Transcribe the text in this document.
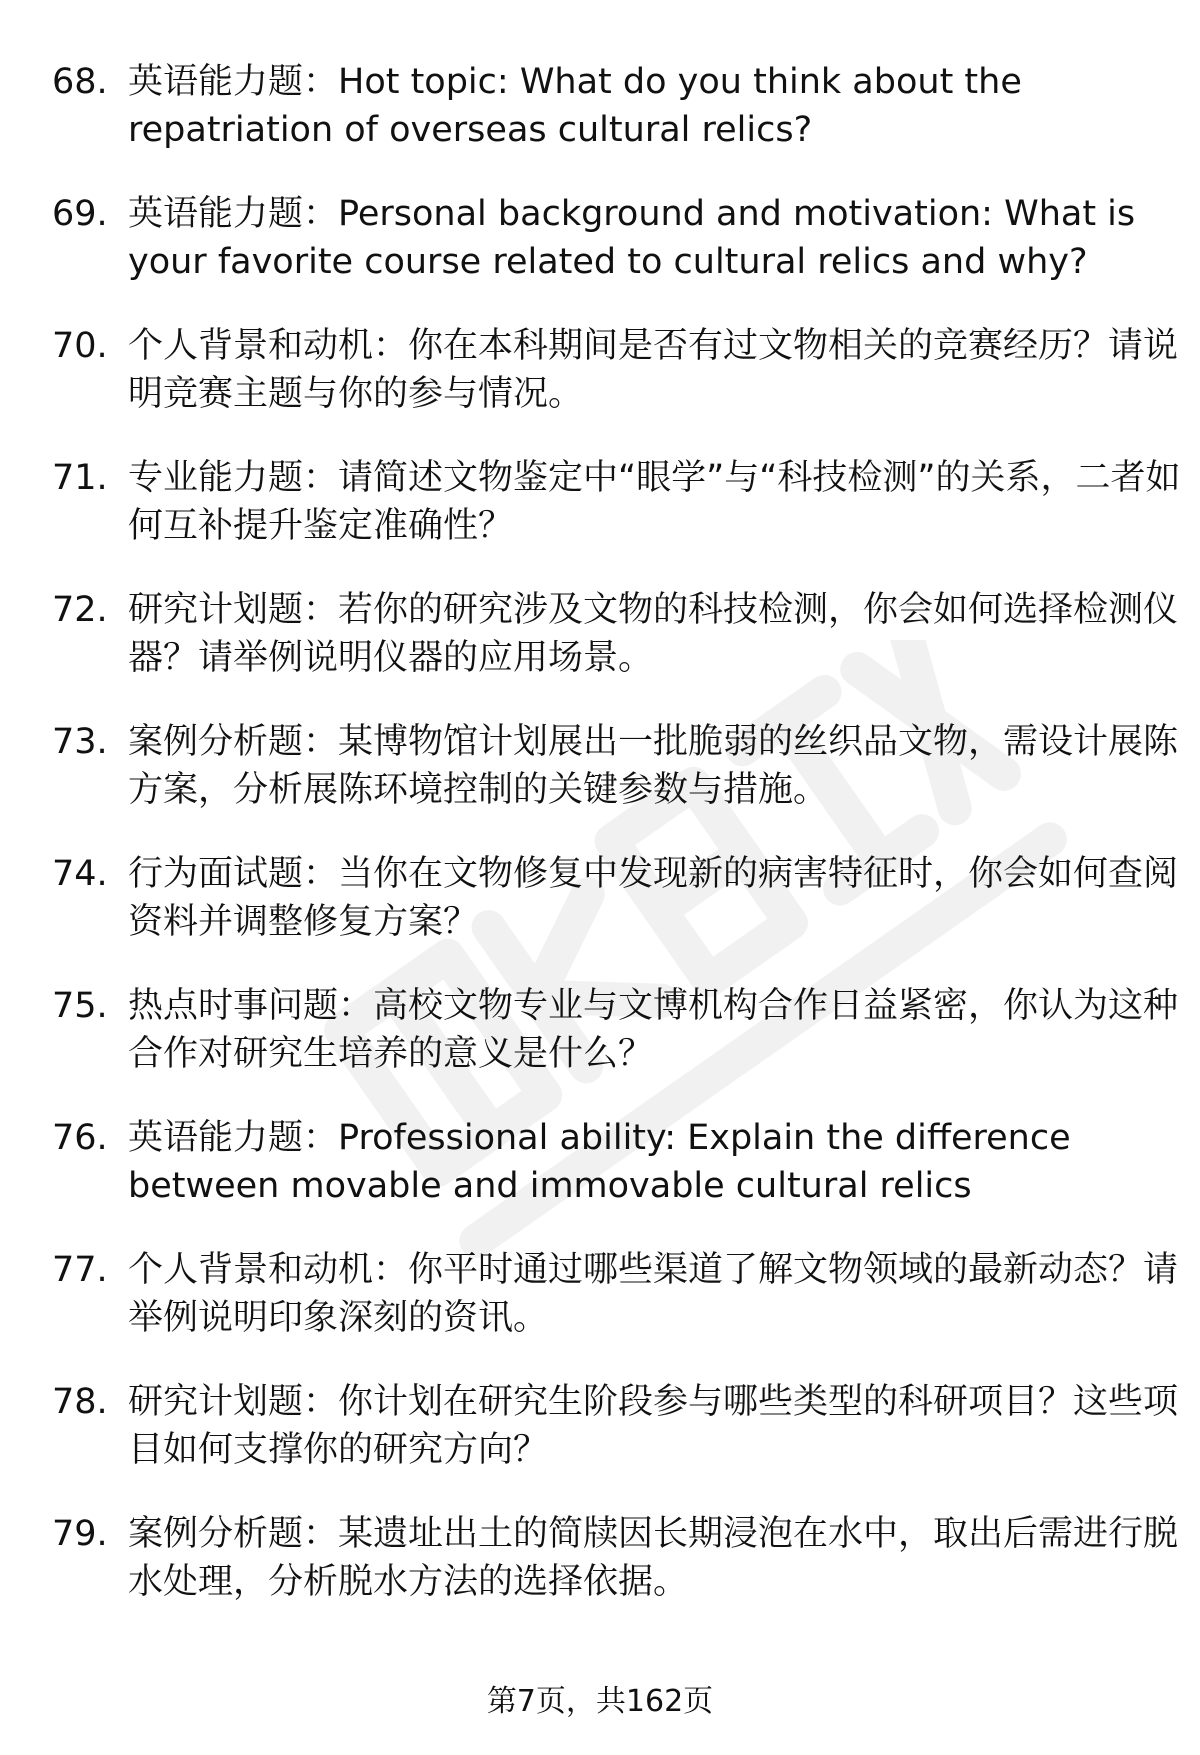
68. 英语能力题：Hot topic: What do you think about the repatriation of overseas cultural relics?
69. 英语能力题：Personal background and motivation: What is your favorite course related to cultural relics and why?
70. 个人背景和动机：你在本科期间是否有过文物相关的竞赛经历？请说明竞赛主题与你的参与情况。
71. 专业能力题：请简述文物鉴定中“眼学”与“科技检测”的关系，二者如何互补提升鉴定准确性？
72. 研究计划题：若你的研究涉及文物的科技检测，你会如何选择检测仪器？请举例说明仪器的应用场景。
73. 案例分析题：某博物馆计划展出一批脆弱的丝织品文物，需设计展陈方案，分析展陈环境控制的关键参数与措施。
74. 行为面试题：当你在文物修复中发现新的病害特征时，你会如何查阅资料并调整修复方案？
75. 热点时事问题：高校文物专业与文博机构合作日益紧密，你认为这种合作对研究生培养的意义是什么？
76. 英语能力题：Professional ability: Explain the difference between movable and immovable cultural relics
77. 个人背景和动机：你平时通过哪些渠道了解文物领域的最新动态？请举例说明印象深刻的资讯。
78. 研究计划题：你计划在研究生阶段参与哪些类型的科研项目？这些项目如何支撑你的研究方向？
79. 案例分析题：某遗址出土的简牍因长期浸泡在水中，取出后需进行脱水处理，分析脱水方法的选择依据。
第7页，共162页
